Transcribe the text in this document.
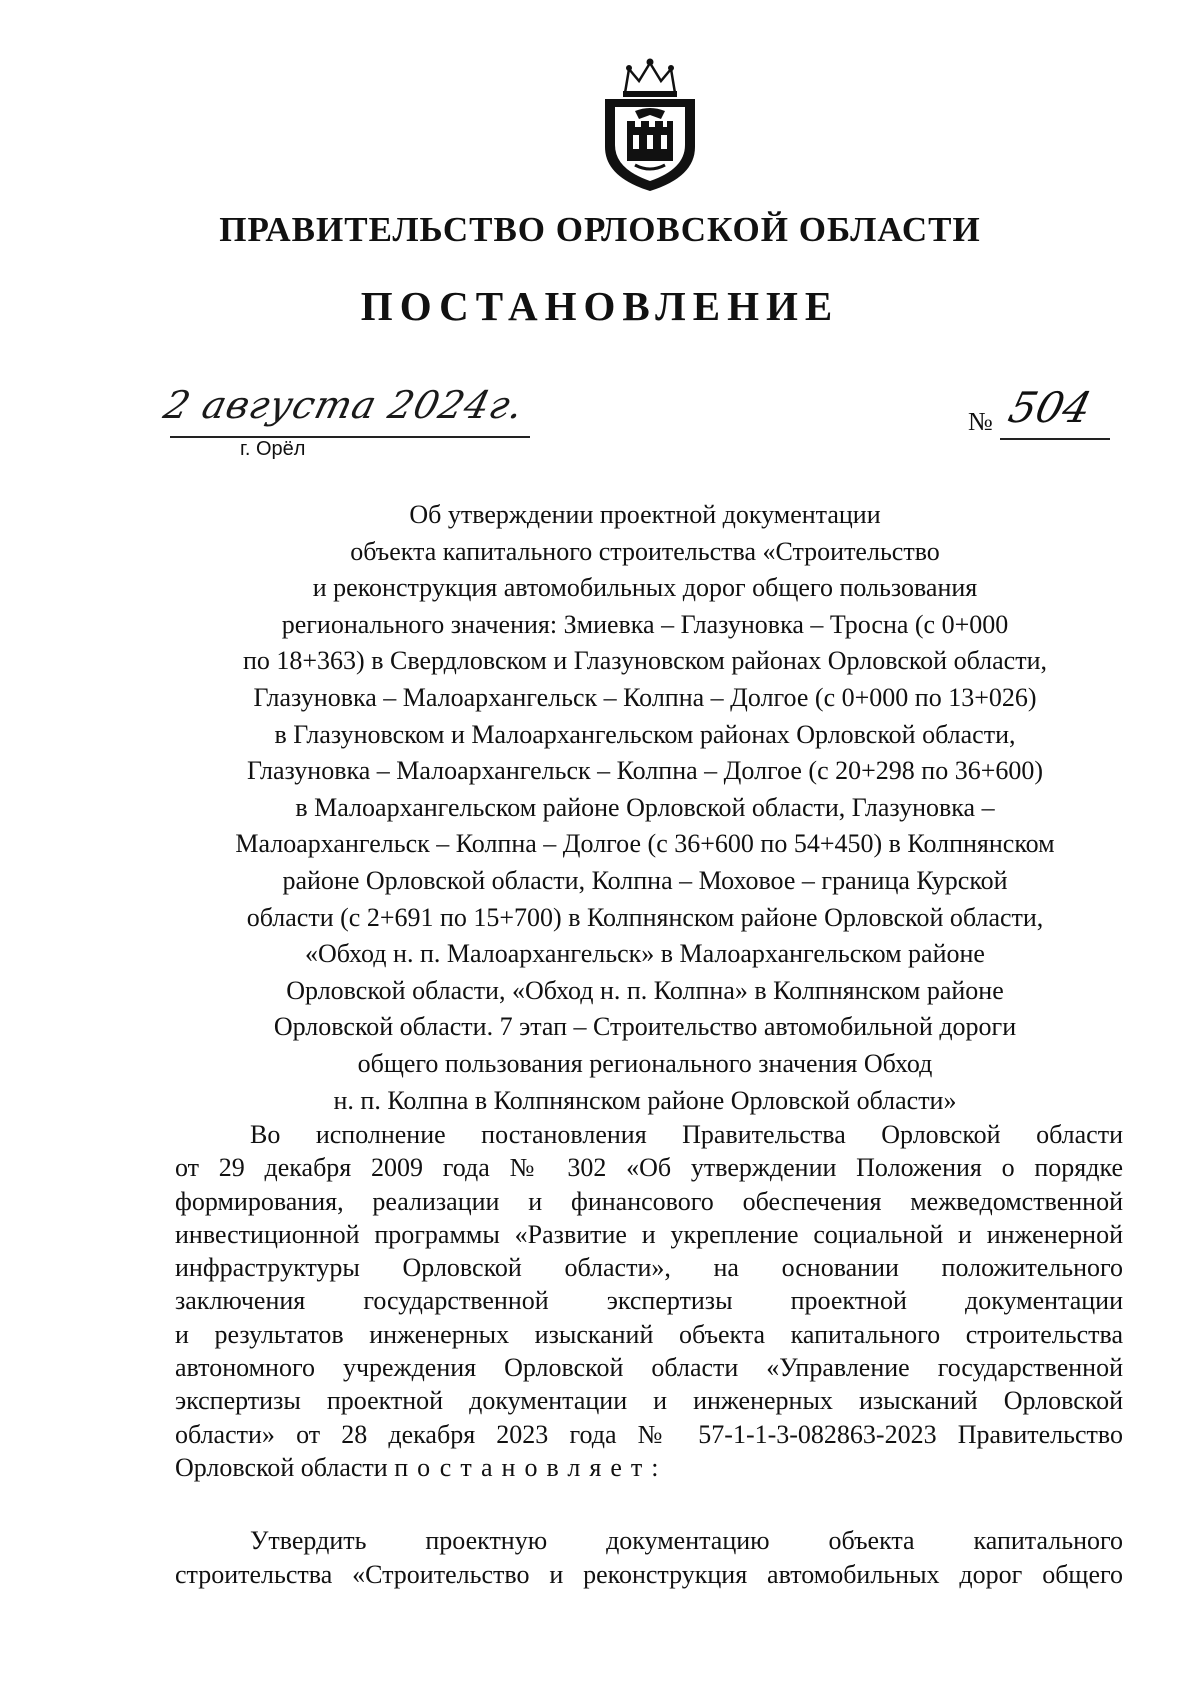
ПРАВИТЕЛЬСТВО ОРЛОВСКОЙ ОБЛАСТИ
ПОСТАНОВЛЕНИЕ
2 августа 2024г.
г. Орёл
№ 504
Об утверждении проектной документации
объекта капитального строительства «Строительство
и реконструкция автомобильных дорог общего пользования
регионального значения: Змиевка – Глазуновка – Тросна (с 0+000
по 18+363) в Свердловском и Глазуновском районах Орловской области,
Глазуновка – Малоархангельск – Колпна – Долгое (с 0+000 по 13+026)
в Глазуновском и Малоархангельском районах Орловской области,
Глазуновка – Малоархангельск – Колпна – Долгое (с 20+298 по 36+600)
в Малоархангельском районе Орловской области, Глазуновка –
Малоархангельск – Колпна – Долгое (с 36+600 по 54+450) в Колпнянском
районе Орловской области, Колпна – Моховое – граница Курской
области (с 2+691 по 15+700) в Колпнянском районе Орловской области,
«Обход н. п. Малоархангельск» в Малоархангельском районе
Орловской области, «Обход н. п. Колпна» в Колпнянском районе
Орловской области. 7 этап – Строительство автомобильной дороги
общего пользования регионального значения Обход
н. п. Колпна в Колпнянском районе Орловской области»
Во исполнение постановления Правительства Орловской области
от 29 декабря 2009 года № 302 «Об утверждении Положения о порядке
формирования, реализации и финансового обеспечения межведомственной
инвестиционной программы «Развитие и укрепление социальной и инженерной
инфраструктуры Орловской области», на основании положительного
заключения государственной экспертизы проектной документации
и результатов инженерных изысканий объекта капитального строительства
автономного учреждения Орловской области «Управление государственной
экспертизы проектной документации и инженерных изысканий Орловской
области» от 28 декабря 2023 года № 57-1-1-3-082863-2023 Правительство
Орловской области постановляет:
Утвердить проектную документацию объекта капитального
строительства «Строительство и реконструкция автомобильных дорог общего
